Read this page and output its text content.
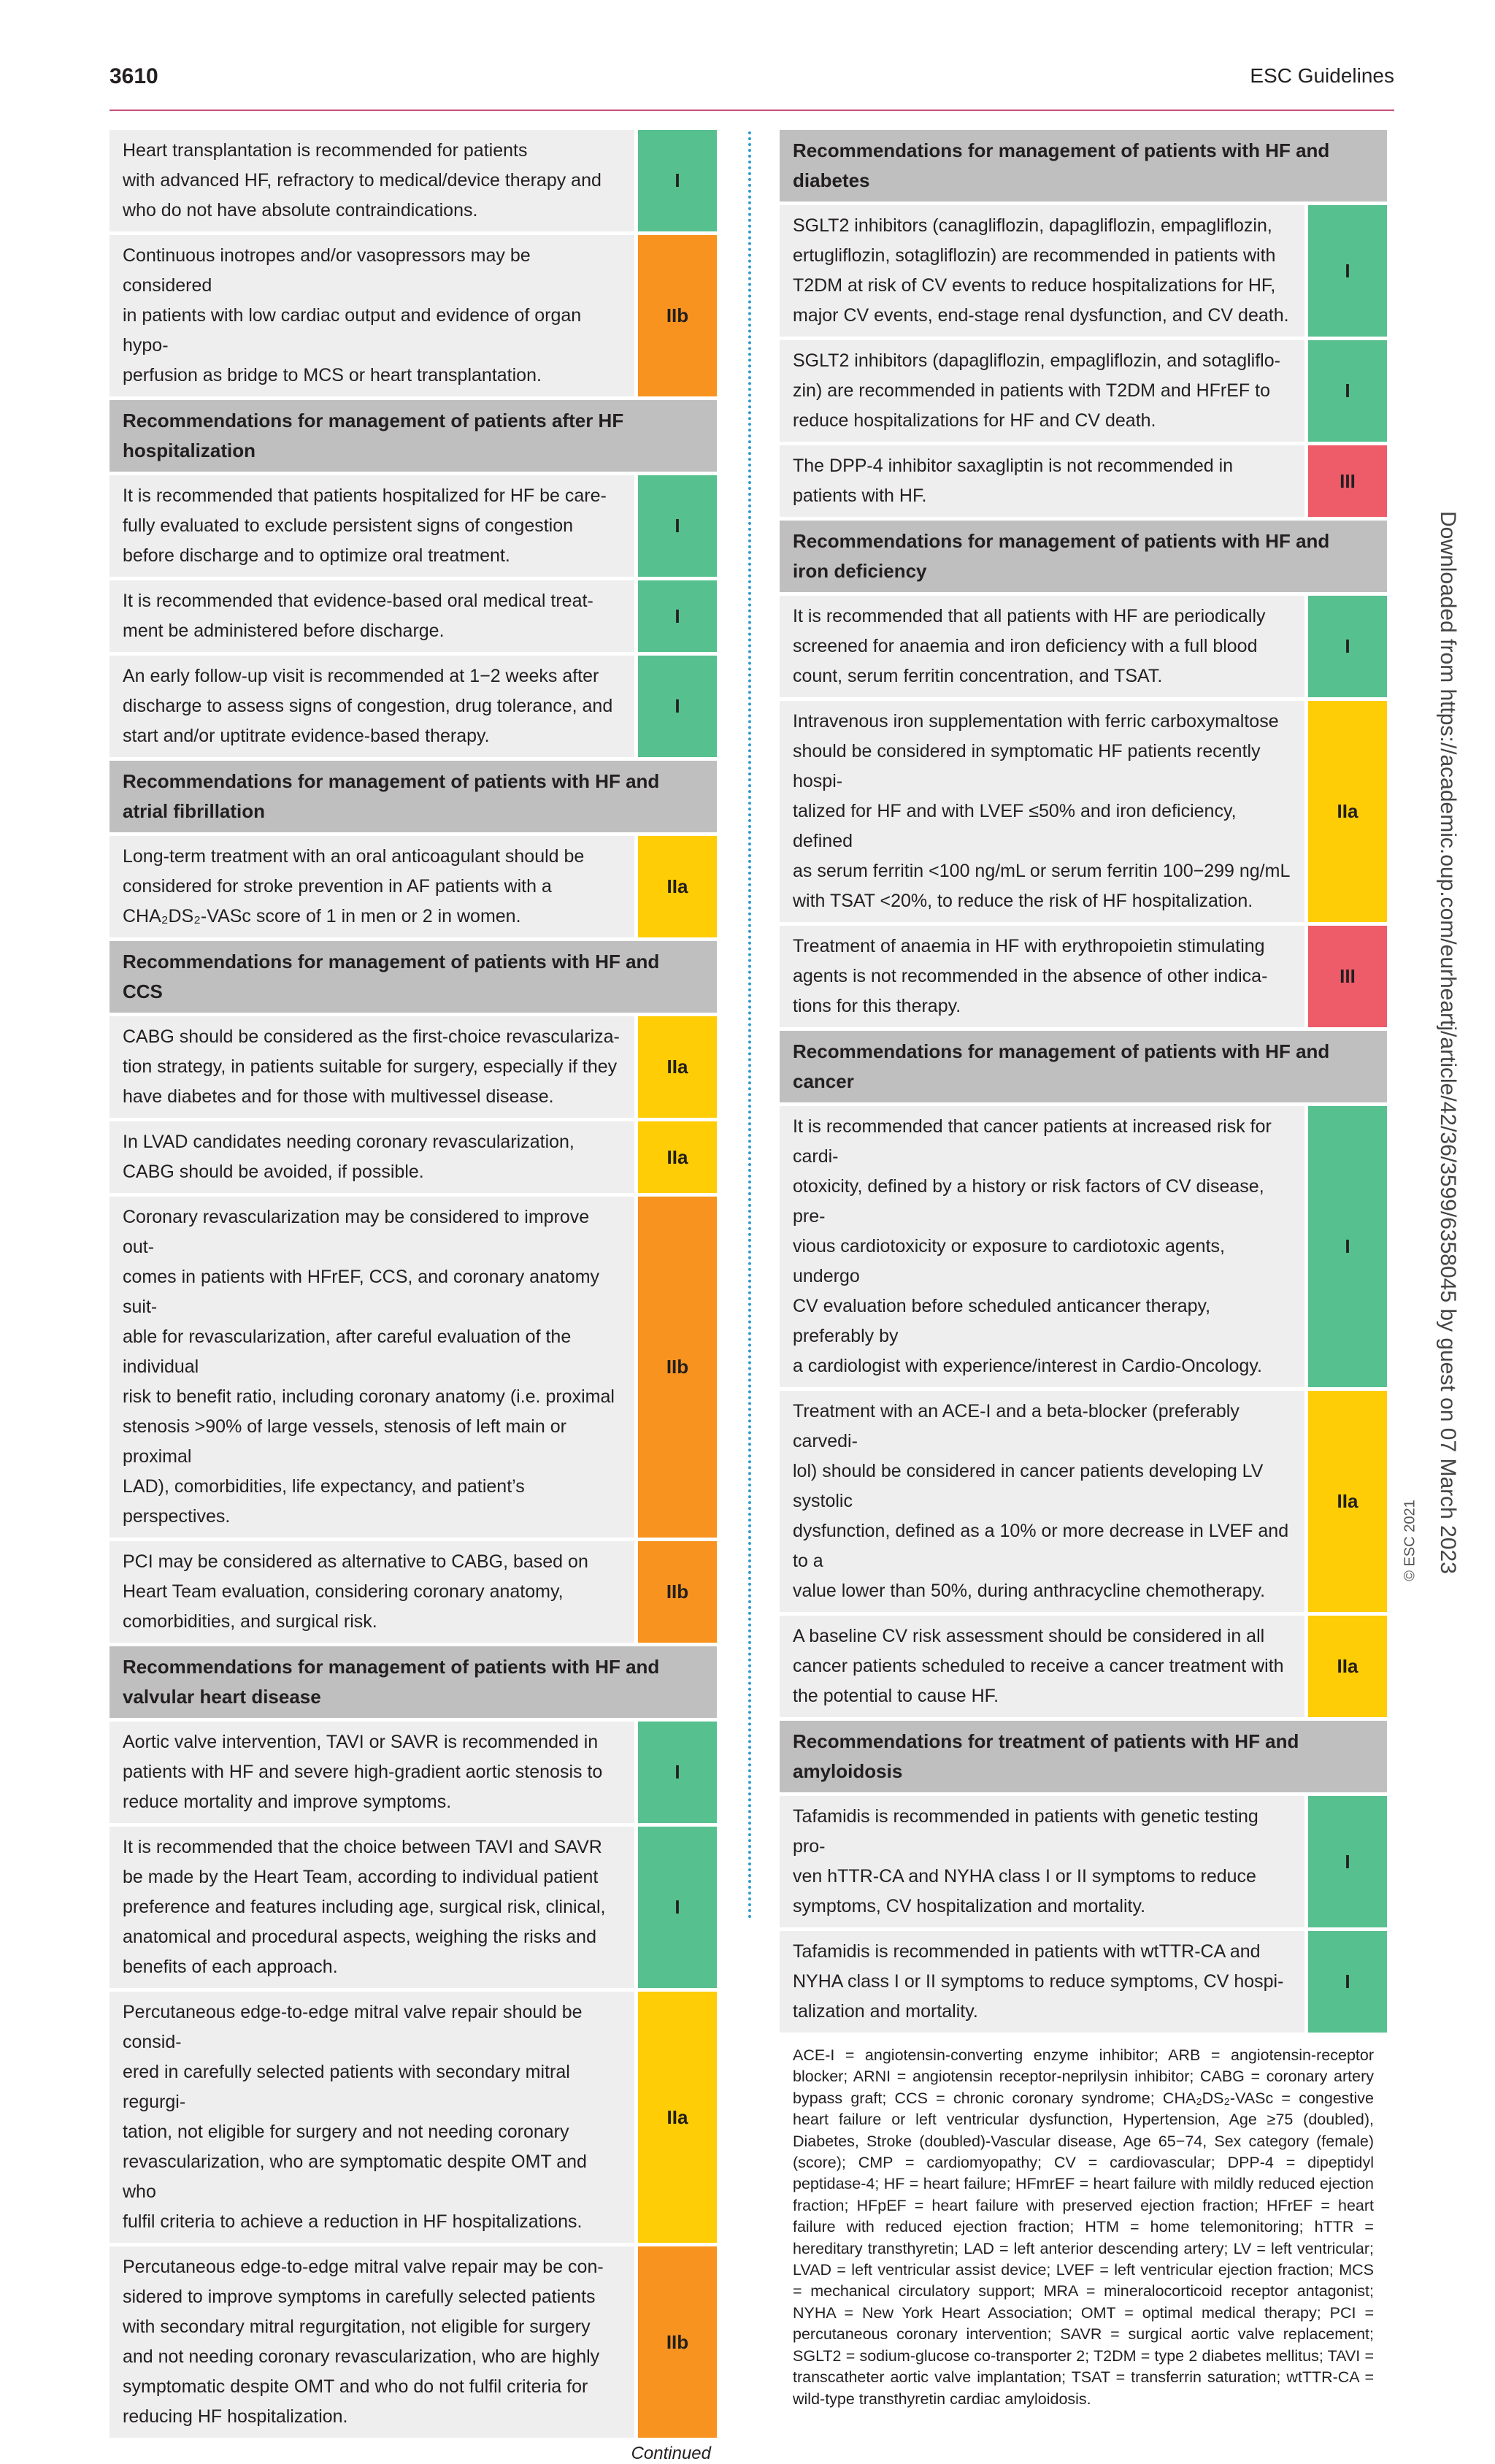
3610	ESC Guidelines
Heart transplantation is recommended for patients
with advanced HF, refractory to medical/device therapy and
who do not have absolute contraindications.
I
Continuous inotropes and/or vasopressors may be considered
in patients with low cardiac output and evidence of organ hypo-
perfusion as bridge to MCS or heart transplantation.
IIb
Recommendations for management of patients after HF
hospitalization
It is recommended that patients hospitalized for HF be care-
fully evaluated to exclude persistent signs of congestion
before discharge and to optimize oral treatment.
I
It is recommended that evidence-based oral medical treat-
ment be administered before discharge.
I
An early follow-up visit is recommended at 1−2 weeks after
discharge to assess signs of congestion, drug tolerance, and
start and/or uptitrate evidence-based therapy.
I
Recommendations for management of patients with HF and
atrial fibrillation
Long-term treatment with an oral anticoagulant should be
considered for stroke prevention in AF patients with a
CHA₂DS₂-VASc score of 1 in men or 2 in women.
IIa
Recommendations for management of patients with HF and
CCS
CABG should be considered as the first-choice revasculariza-
tion strategy, in patients suitable for surgery, especially if they
have diabetes and for those with multivessel disease.
IIa
In LVAD candidates needing coronary revascularization,
CABG should be avoided, if possible.
IIa
Coronary revascularization may be considered to improve out-
comes in patients with HFrEF, CCS, and coronary anatomy suit-
able for revascularization, after careful evaluation of the individual
risk to benefit ratio, including coronary anatomy (i.e. proximal
stenosis >90% of large vessels, stenosis of left main or proximal
LAD), comorbidities, life expectancy, and patient’s perspectives.
IIb
PCI may be considered as alternative to CABG, based on
Heart Team evaluation, considering coronary anatomy,
comorbidities, and surgical risk.
IIb
Recommendations for management of patients with HF and
valvular heart disease
Aortic valve intervention, TAVI or SAVR is recommended in
patients with HF and severe high-gradient aortic stenosis to
reduce mortality and improve symptoms.
I
It is recommended that the choice between TAVI and SAVR
be made by the Heart Team, according to individual patient
preference and features including age, surgical risk, clinical,
anatomical and procedural aspects, weighing the risks and
benefits of each approach.
I
Percutaneous edge-to-edge mitral valve repair should be consid-
ered in carefully selected patients with secondary mitral regurgi-
tation, not eligible for surgery and not needing coronary
revascularization, who are symptomatic despite OMT and who
fulfil criteria to achieve a reduction in HF hospitalizations.
IIa
Percutaneous edge-to-edge mitral valve repair may be con-
sidered to improve symptoms in carefully selected patients
with secondary mitral regurgitation, not eligible for surgery
and not needing coronary revascularization, who are highly
symptomatic despite OMT and who do not fulfil criteria for
reducing HF hospitalization.
IIb
Continued
Recommendations for management of patients with HF and
diabetes
SGLT2 inhibitors (canagliflozin, dapagliflozin, empagliflozin,
ertugliflozin, sotagliflozin) are recommended in patients with
T2DM at risk of CV events to reduce hospitalizations for HF,
major CV events, end-stage renal dysfunction, and CV death.
I
SGLT2 inhibitors (dapagliflozin, empagliflozin, and sotagliflo-
zin) are recommended in patients with T2DM and HFrEF to
reduce hospitalizations for HF and CV death.
I
The DPP-4 inhibitor saxagliptin is not recommended in
patients with HF.
III
Recommendations for management of patients with HF and
iron deficiency
It is recommended that all patients with HF are periodically
screened for anaemia and iron deficiency with a full blood
count, serum ferritin concentration, and TSAT.
I
Intravenous iron supplementation with ferric carboxymaltose
should be considered in symptomatic HF patients recently hospi-
talized for HF and with LVEF ≤50% and iron deficiency, defined
as serum ferritin <100 ng/mL or serum ferritin 100−299 ng/mL
with TSAT <20%, to reduce the risk of HF hospitalization.
IIa
Treatment of anaemia in HF with erythropoietin stimulating
agents is not recommended in the absence of other indica-
tions for this therapy.
III
Recommendations for management of patients with HF and
cancer
It is recommended that cancer patients at increased risk for cardi-
otoxicity, defined by a history or risk factors of CV disease, pre-
vious cardiotoxicity or exposure to cardiotoxic agents, undergo
CV evaluation before scheduled anticancer therapy, preferably by
a cardiologist with experience/interest in Cardio-Oncology.
I
Treatment with an ACE-I and a beta-blocker (preferably carvedi-
lol) should be considered in cancer patients developing LV systolic
dysfunction, defined as a 10% or more decrease in LVEF and to a
value lower than 50%, during anthracycline chemotherapy.
IIa
A baseline CV risk assessment should be considered in all
cancer patients scheduled to receive a cancer treatment with
the potential to cause HF.
IIa
Recommendations for treatment of patients with HF and
amyloidosis
Tafamidis is recommended in patients with genetic testing pro-
ven hTTR-CA and NYHA class I or II symptoms to reduce
symptoms, CV hospitalization and mortality.
I
Tafamidis is recommended in patients with wtTTR-CA and
NYHA class I or II symptoms to reduce symptoms, CV hospi-
talization and mortality.
I
ACE-I = angiotensin-converting enzyme inhibitor; ARB = angiotensin-receptor blocker; ARNI = angiotensin receptor-neprilysin inhibitor; CABG = coronary artery bypass graft; CCS = chronic coronary syndrome; CHA₂DS₂-VASc = congestive heart failure or left ventricular dysfunction, Hypertension, Age ≥75 (doubled), Diabetes, Stroke (doubled)-Vascular disease, Age 65−74, Sex category (female) (score); CMP = cardiomyopathy; CV = cardiovascular; DPP-4 = dipeptidyl peptidase-4; HF = heart failure; HFmrEF = heart failure with mildly reduced ejection fraction; HFpEF = heart failure with preserved ejection fraction; HFrEF = heart failure with reduced ejection fraction; HTM = home telemonitoring; hTTR = hereditary transthyretin; LAD = left anterior descending artery; LV = left ventricular; LVAD = left ventricular assist device; LVEF = left ventricular ejection fraction; MCS = mechanical circulatory support; MRA = mineralocorticoid receptor antagonist; NYHA = New York Heart Association; OMT = optimal medical therapy; PCI = percutaneous coronary intervention; SAVR = surgical aortic valve replacement; SGLT2 = sodium-glucose co-transporter 2; T2DM = type 2 diabetes mellitus; TAVI = transcatheter aortic valve implantation; TSAT = transferrin saturation; wtTTR-CA = wild-type transthyretin cardiac amyloidosis.
Downloaded from https://academic.oup.com/eurheartj/article/42/36/3599/6358045 by guest on 07 March 2023
© ESC 2021
